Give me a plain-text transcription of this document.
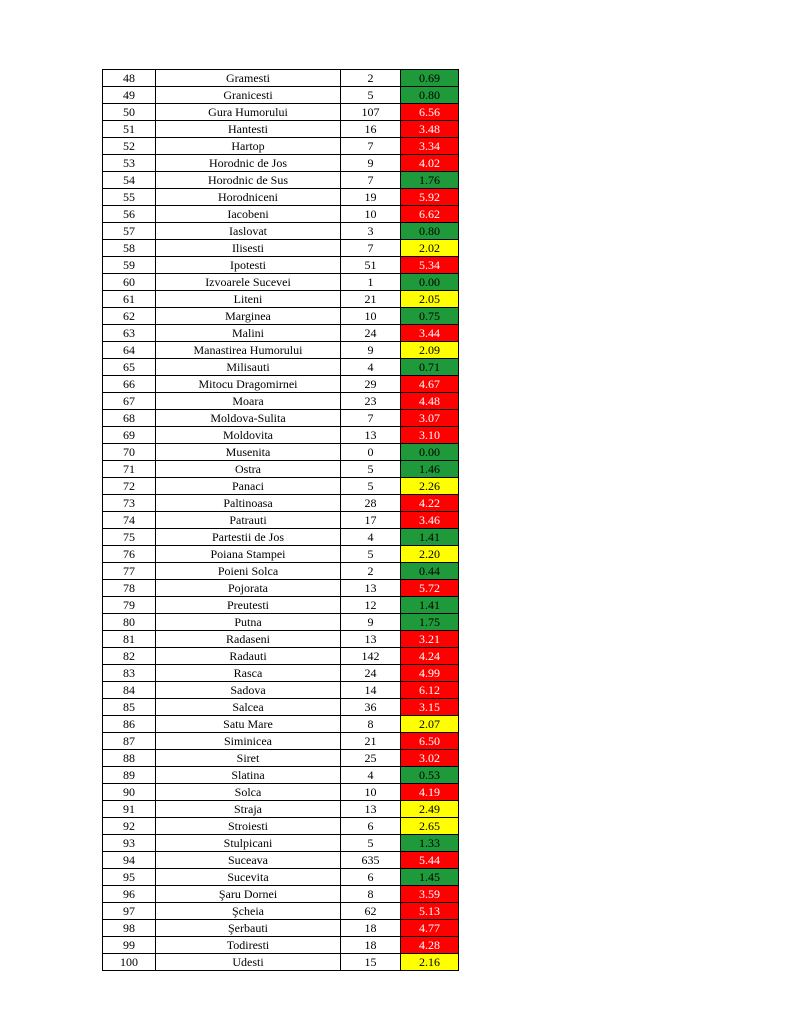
48	Gramesti	2	0.69
49	Granicesti	5	0.80
50	Gura Humorului	107	6.56
51	Hantesti	16	3.48
52	Hartop	7	3.34
53	Horodnic de Jos	9	4.02
54	Horodnic de Sus	7	1.76
55	Horodniceni	19	5.92
56	Iacobeni	10	6.62
57	Iaslovat	3	0.80
58	Ilisesti	7	2.02
59	Ipotesti	51	5.34
60	Izvoarele Sucevei	1	0.00
61	Liteni	21	2.05
62	Marginea	10	0.75
63	Malini	24	3.44
64	Manastirea Humorului	9	2.09
65	Milisauti	4	0.71
66	Mitocu Dragomirnei	29	4.67
67	Moara	23	4.48
68	Moldova-Sulita	7	3.07
69	Moldovita	13	3.10
70	Musenita	0	0.00
71	Ostra	5	1.46
72	Panaci	5	2.26
73	Paltinoasa	28	4.22
74	Patrauti	17	3.46
75	Partestii de Jos	4	1.41
76	Poiana Stampei	5	2.20
77	Poieni Solca	2	0.44
78	Pojorata	13	5.72
79	Preutesti	12	1.41
80	Putna	9	1.75
81	Radaseni	13	3.21
82	Radauti	142	4.24
83	Rasca	24	4.99
84	Sadova	14	6.12
85	Salcea	36	3.15
86	Satu Mare	8	2.07
87	Siminicea	21	6.50
88	Siret	25	3.02
89	Slatina	4	0.53
90	Solca	10	4.19
91	Straja	13	2.49
92	Stroiesti	6	2.65
93	Stulpicani	5	1.33
94	Suceava	635	5.44
95	Sucevita	6	1.45
96	Şaru Dornei	8	3.59
97	Şcheia	62	5.13
98	Şerbauti	18	4.77
99	Todiresti	18	4.28
100	Udesti	15	2.16
